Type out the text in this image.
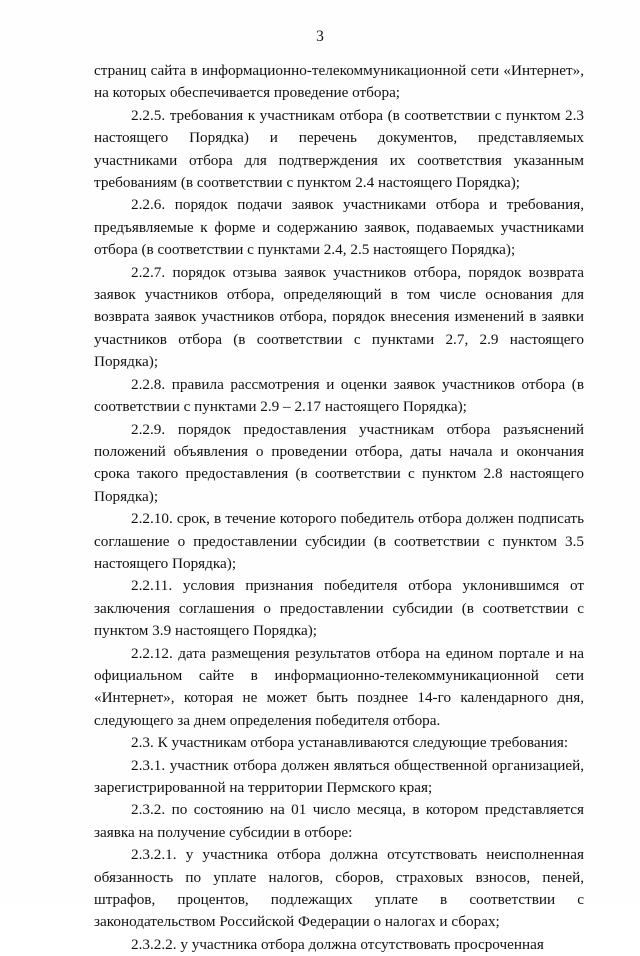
3

страниц сайта в информационно-телекоммуникационной сети «Интернет», на которых обеспечивается проведение отбора;

2.2.5. требования к участникам отбора (в соответствии с пунктом 2.3 настоящего Порядка) и перечень документов, представляемых участниками отбора для подтверждения их соответствия указанным требованиям (в соответствии с пунктом 2.4 настоящего Порядка);

2.2.6. порядок подачи заявок участниками отбора и требования, предъявляемые к форме и содержанию заявок, подаваемых участниками отбора (в соответствии с пунктами 2.4, 2.5 настоящего Порядка);

2.2.7. порядок отзыва заявок участников отбора, порядок возврата заявок участников отбора, определяющий в том числе основания для возврата заявок участников отбора, порядок внесения изменений в заявки участников отбора (в соответствии с пунктами 2.7, 2.9 настоящего Порядка);

2.2.8. правила рассмотрения и оценки заявок участников отбора (в соответствии с пунктами 2.9 – 2.17 настоящего Порядка);

2.2.9. порядок предоставления участникам отбора разъяснений положений объявления о проведении отбора, даты начала и окончания срока такого предоставления (в соответствии с пунктом 2.8 настоящего Порядка);

2.2.10. срок, в течение которого победитель отбора должен подписать соглашение о предоставлении субсидии (в соответствии с пунктом 3.5 настоящего Порядка);

2.2.11. условия признания победителя отбора уклонившимся от заключения соглашения о предоставлении субсидии (в соответствии с пунктом 3.9 настоящего Порядка);

2.2.12. дата размещения результатов отбора на едином портале и на официальном сайте в информационно-телекоммуникационной сети «Интернет», которая не может быть позднее 14-го календарного дня, следующего за днем определения победителя отбора.

2.3. К участникам отбора устанавливаются следующие требования:

2.3.1. участник отбора должен являться общественной организацией, зарегистрированной на территории Пермского края;

2.3.2. по состоянию на 01 число месяца, в котором представляется заявка на получение субсидии в отборе:

2.3.2.1. у участника отбора должна отсутствовать неисполненная обязанность по уплате налогов, сборов, страховых взносов, пеней, штрафов, процентов, подлежащих уплате в соответствии с законодательством Российской Федерации о налогах и сборах;

2.3.2.2. у участника отбора должна отсутствовать просроченная
